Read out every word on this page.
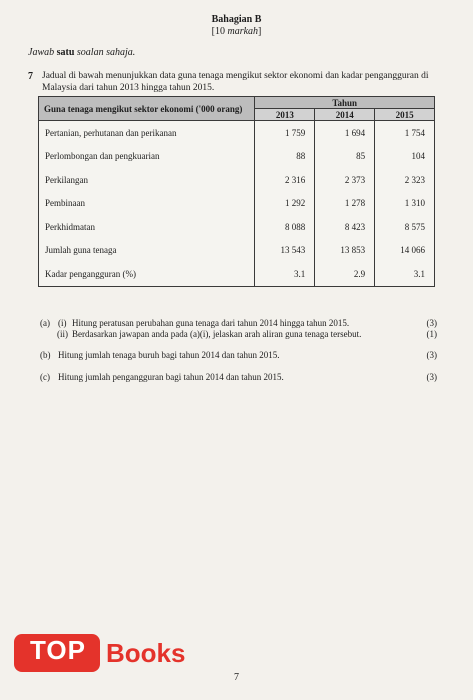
Bahagian B
[10 markah]
Jawab satu soalan sahaja.
7 Jadual di bawah menunjukkan data guna tenaga mengikut sektor ekonomi dan kadar pengangguran di Malaysia dari tahun 2013 hingga tahun 2015.
Guna tenaga mengikut sektor ekonomi ('000 orang)	Tahun		
	2013	2014	2015
Pertanian, perhutanan dan perikanan	1 759	1 694	1 754
Perlombongan dan pengkuarian	88	85	104
Perkilangan	2 316	2 373	2 323
Pembinaan	1 292	1 278	1 310
Perkhidmatan	8 088	8 423	8 575
Jumlah guna tenaga	13 543	13 853	14 066
Kadar pengangguran (%)	3.1	2.9	3.1
(a) (i) Hitung peratusan perubahan guna tenaga dari tahun 2014 hingga tahun 2015.	(3)
(ii) Berdasarkan jawapan anda pada (a)(i), jelaskan arah aliran guna tenaga tersebut.	(1)
(b) Hitung jumlah tenaga buruh bagi tahun 2014 dan tahun 2015.	(3)
(c) Hitung jumlah pengangguran bagi tahun 2014 dan tahun 2015.	(3)
TOP Books
7
